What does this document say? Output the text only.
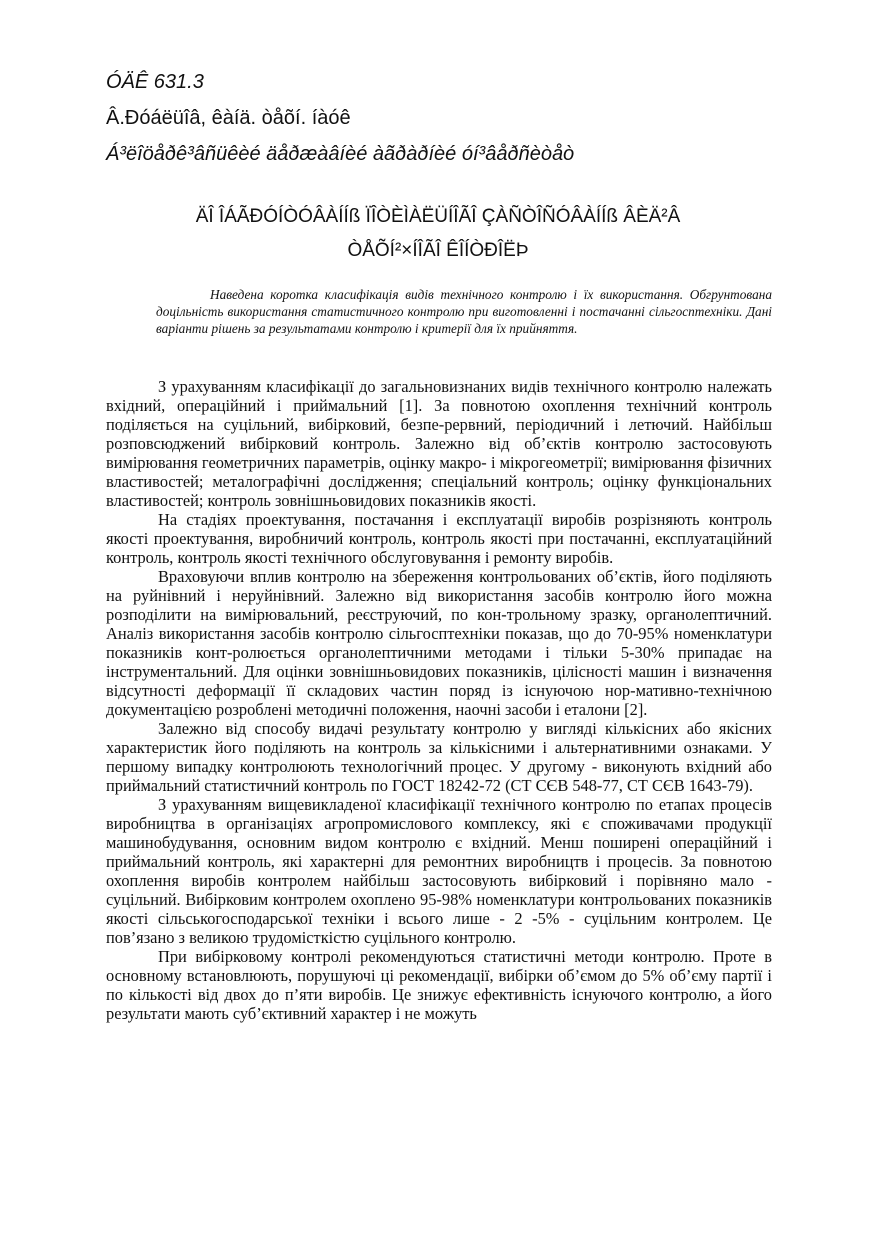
ÓÄÊ 631.3
Â.Ðóáëüîâ, êàíä. òåõí. íàóê
Á³ëîöåðê³âñüêèé äåðæàâíèé àãðàðíèé óí³âåðñèòåò
ÄÎ ÎÁÃÐÓÍÒÓÂÀÍÍß ÏÎÒÈÌÀËÜÍÎÃÎ ÇÀÑÒÎÑÓÂÀÍÍß ÂÈÄ²Â
ÒÅÕÍ²×ÍÎÃÎ ÊÎÍÒÐÎËÞ
Наведена коротка класифікація видів технічного контролю і їх використання. Обгрунтована доцільність використання статистичного контролю при виготовленні і постачанні сільгосптехніки. Дані варіанти рішень за результатами контролю і критерії для їх прийняття.

З урахуванням класифікації до загальновизнаних видів технічного контролю належать вхідний, операційний і приймальний [1]. За повнотою охоплення технічний контроль поділяється на суцільний, вибірковий, безпе-рервний, періодичний і летючий. Найбільш розповсюджений вибірковий контроль. Залежно від об’єктів контролю застосовують вимірювання геометричних параметрів, оцінку макро- і мікрогеометрії; вимірювання фізичних властивостей; металографічні дослідження; спеціальний контроль; оцінку функціональних властивостей; контроль зовнішньовидових показників якості.

На стадіях проектування, постачання і експлуатації виробів розрізняють контроль якості проектування, виробничий контроль, контроль якості при постачанні, експлуатаційний контроль, контроль якості технічного обслуговування і ремонту виробів.

Враховуючи вплив контролю на збереження контрольованих об’єктів, його поділяють на руйнівний і неруйнівний. Залежно від використання засобів контролю його можна розподілити на вимірювальний, реєструючий, по кон-трольному зразку, органолептичний. Аналіз використання засобів контролю сільгосптехніки показав, що до 70-95% номенклатури показників конт-ролюється органолептичними методами і тільки 5-30% припадає на інструментальний. Для оцінки зовнішньовидових показників, цілісності машин і визначення відсутності деформації її складових частин поряд із існуючою нор-мативно-технічною документацією розроблені методичні положення, наочні засоби і еталони [2].

Залежно від способу видачі результату контролю у вигляді кількісних або якісних характеристик його поділяють на контроль за кількісними і альтернативними ознаками. У першому випадку контролюють технологічний процес. У другому - виконують вхідний або приймальний статистичний контроль по ГОСТ 18242-72 (СТ СЄВ 548-77, СТ СЄВ 1643-79).

З урахуванням вищевикладеної класифікації технічного контролю по етапах процесів виробництва в організаціях агропромислового комплексу, які є споживачами продукції машинобудування, основним видом контролю є вхідний. Менш поширені операційний і приймальний контроль, які характерні для ремонтних виробництв і процесів. За повнотою охоплення виробів контролем найбільш застосовують вибірковий і порівняно мало - суцільний. Вибірковим контролем охоплено 95-98% номенклатури контрольованих показників якості сільськогосподарської техніки і всього лише - 2 -5% - суцільним контролем. Це пов’язано з великою трудомісткістю суцільного контролю.

При вибірковому контролі рекомендуються статистичні методи контролю. Проте в основному встановлюють, порушуючі ці рекомендації, вибірки об’ємом до 5% об’єму партії і по кількості від двох до п’яти виробів. Це знижує ефективність існуючого контролю, а його результати мають суб’єктивний характер і не можуть
